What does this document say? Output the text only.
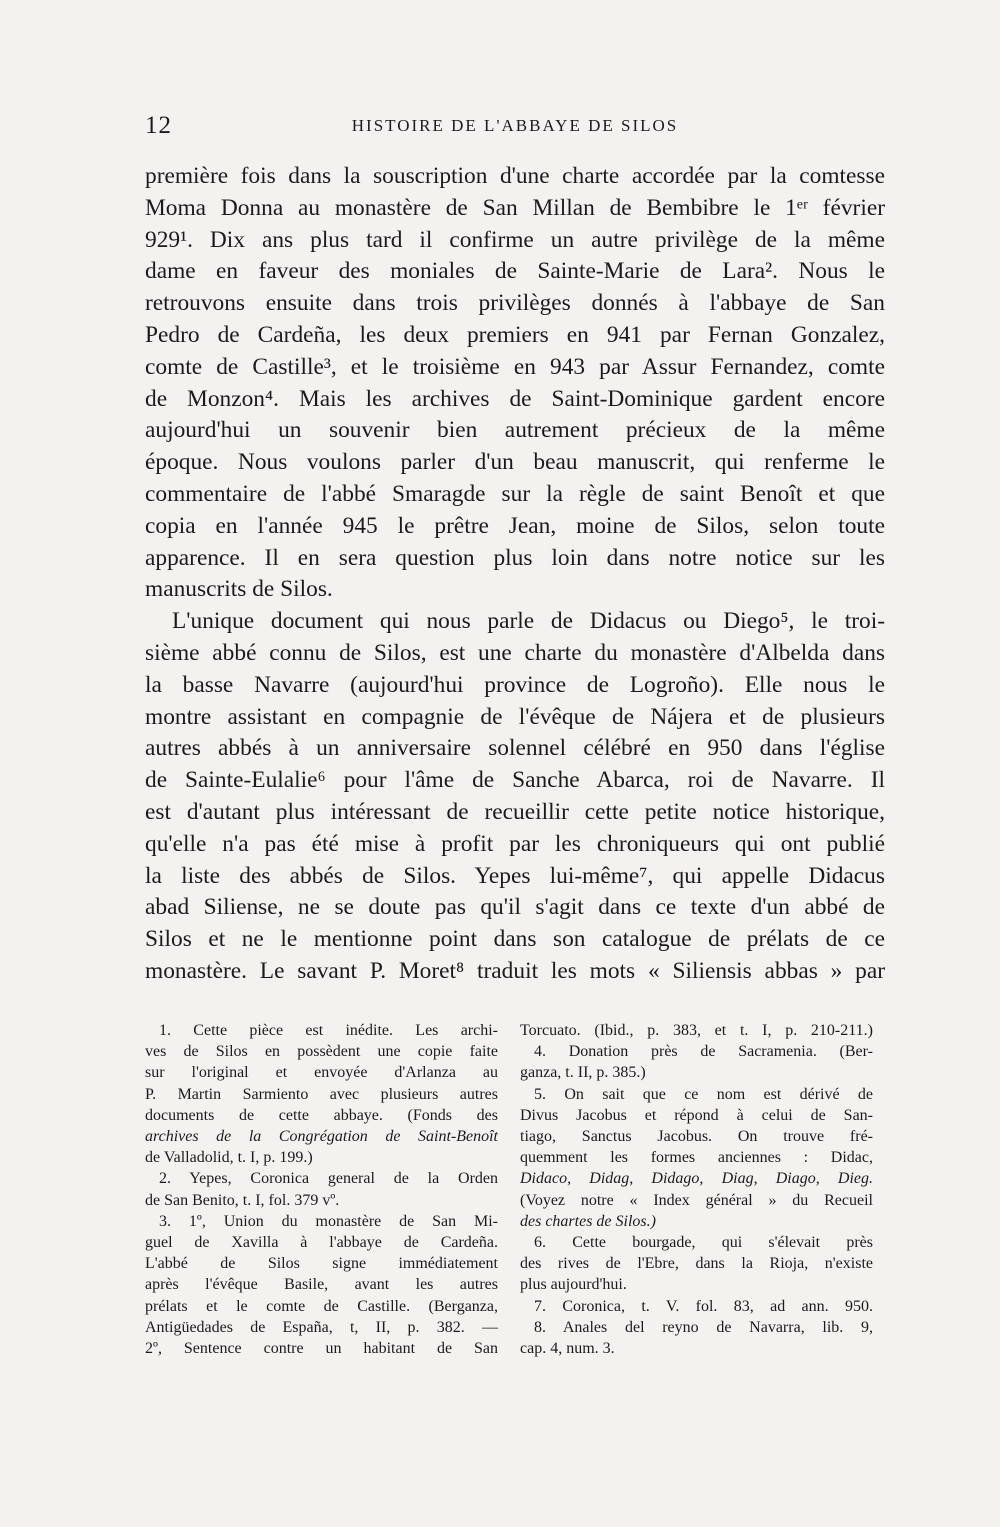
12	HISTOIRE DE L'ABBAYE DE SILOS
première fois dans la souscription d'une charte accordée par la comtesse
Moma Donna au monastère de San Millan de Bembibre le 1ᵉʳ février
929¹. Dix ans plus tard il confirme un autre privilège de la même
dame en faveur des moniales de Sainte-Marie de Lara². Nous le
retrouvons ensuite dans trois privilèges donnés à l'abbaye de San
Pedro de Cardeña, les deux premiers en 941 par Fernan Gonzalez,
comte de Castille³, et le troisième en 943 par Assur Fernandez, comte
de Monzon⁴. Mais les archives de Saint-Dominique gardent encore
aujourd'hui un souvenir bien autrement précieux de la même
époque. Nous voulons parler d'un beau manuscrit, qui renferme le
commentaire de l'abbé Smaragde sur la règle de saint Benoît et que
copia en l'année 945 le prêtre Jean, moine de Silos, selon toute
apparence. Il en sera question plus loin dans notre notice sur les
manuscrits de Silos.
L'unique document qui nous parle de Didacus ou Diego⁵, le troi-
sième abbé connu de Silos, est une charte du monastère d'Albelda dans
la basse Navarre (aujourd'hui province de Logroño). Elle nous le
montre assistant en compagnie de l'évêque de Nájera et de plusieurs
autres abbés à un anniversaire solennel célébré en 950 dans l'église
de Sainte-Eulalie⁶ pour l'âme de Sanche Abarca, roi de Navarre. Il
est d'autant plus intéressant de recueillir cette petite notice historique,
qu'elle n'a pas été mise à profit par les chroniqueurs qui ont publié
la liste des abbés de Silos. Yepes lui-même⁷, qui appelle Didacus
abad Siliense, ne se doute pas qu'il s'agit dans ce texte d'un abbé de
Silos et ne le mentionne point dans son catalogue de prélats de ce
monastère. Le savant P. Moret⁸ traduit les mots « Siliensis abbas » par
1. Cette pièce est inédite. Les archi-
ves de Silos en possèdent une copie faite
sur l'original et envoyée d'Arlanza au
P. Martin Sarmiento avec plusieurs autres
documents de cette abbaye. (Fonds des
archives de la Congrégation de Saint-Benoît
de Valladolid, t. I, p. 199.)
2. Yepes, Coronica general de la Orden
de San Benito, t. I, fol. 379 vº.
3. 1º, Union du monastère de San Mi-
guel de Xavilla à l'abbaye de Cardeña.
L'abbé de Silos signe immédiatement
après l'évêque Basile, avant les autres
prélats et le comte de Castille. (Berganza,
Antigüedades de España, t, II, p. 382. —
2º, Sentence contre un habitant de San
Torcuato. (Ibid., p. 383, et t. I, p. 210-211.)
4. Donation près de Sacramenia. (Ber-
ganza, t. II, p. 385.)
5. On sait que ce nom est dérivé de
Divus Jacobus et répond à celui de San-
tiago, Sanctus Jacobus. On trouve fré-
quemment les formes anciennes : Didac,
Didaco, Didag, Didago, Diag, Diago, Dieg.
(Voyez notre « Index général » du Recueil
des chartes de Silos.)
6. Cette bourgade, qui s'élevait près
des rives de l'Ebre, dans la Rioja, n'existe
plus aujourd'hui.
7. Coronica, t. V. fol. 83, ad ann. 950.
8. Anales del reyno de Navarra, lib. 9,
cap. 4, num. 3.
